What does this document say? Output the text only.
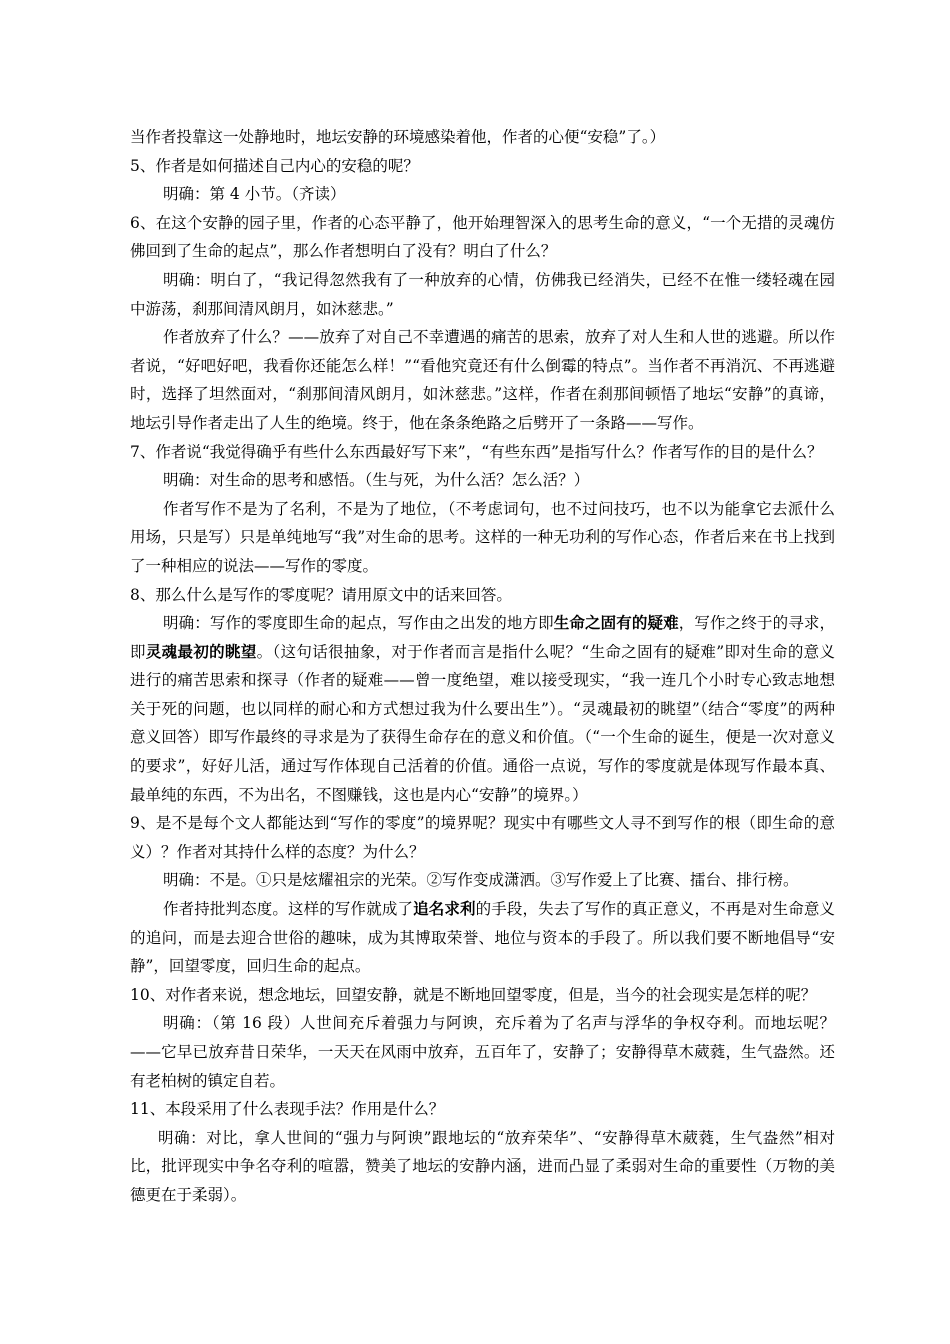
当作者投靠这一处静地时，地坛安静的环境感染着他，作者的心便“安稳”了。）

5、作者是如何描述自己内心的安稳的呢？

明确：第 4 小节。（齐读）

6、在这个安静的园子里，作者的心态平静了，他开始理智深入的思考生命的意义，“一个无措的灵魂仿佛回到了生命的起点”，那么作者想明白了没有？明白了什么？

明确：明白了，“我记得忽然我有了一种放弃的心情，仿佛我已经消失，已经不在惟一缕轻魂在园中游荡，刹那间清风朗月，如沐慈悲。”

作者放弃了什么？——放弃了对自己不幸遭遇的痛苦的思索，放弃了对人生和人世的逃避。所以作者说，“好吧好吧，我看你还能怎么样！”“看他究竟还有什么倒霉的特点”。当作者不再消沉、不再逃避时，选择了坦然面对，“刹那间清风朗月，如沐慈悲。”这样，作者在刹那间顿悟了地坛“安静”的真谛，地坛引导作者走出了人生的绝境。终于，他在条条绝路之后劈开了一条路——写作。

7、作者说“我觉得确乎有些什么东西最好写下来”，“有些东西”是指写什么？作者写作的目的是什么？

明确：对生命的思考和感悟。（生与死，为什么活？怎么活？）

作者写作不是为了名利，不是为了地位，（不考虑词句，也不过问技巧，也不以为能拿它去派什么用场，只是写）只是单纯地写“我”对生命的思考。这样的一种无功利的写作心态，作者后来在书上找到了一种相应的说法——写作的零度。

8、那么什么是写作的零度呢？请用原文中的话来回答。

明确：写作的零度即生命的起点，写作由之出发的地方即生命之固有的疑难，写作之终于的寻求，即灵魂最初的眺望。（这句话很抽象，对于作者而言是指什么呢？“生命之固有的疑难”即对生命的意义进行的痛苦思索和探寻（作者的疑难——曾一度绝望，难以接受现实，“我一连几个小时专心致志地想关于死的问题，也以同样的耐心和方式想过我为什么要出生”）。“灵魂最初的眺望”（结合“零度”的两种意义回答）即写作最终的寻求是为了获得生命存在的意义和价值。（“一个生命的诞生，便是一次对意义的要求”，好好儿活，通过写作体现自己活着的价值。通俗一点说，写作的零度就是体现写作最本真、最单纯的东西，不为出名，不图赚钱，这也是内心“安静”的境界。）

9、是不是每个文人都能达到“写作的零度”的境界呢？现实中有哪些文人寻不到写作的根（即生命的意义）？作者对其持什么样的态度？为什么？

明确：不是。①只是炫耀祖宗的光荣。②写作变成潇洒。③写作爱上了比赛、擂台、排行榜。

作者持批判态度。这样的写作就成了追名求利的手段，失去了写作的真正意义，不再是对生命意义的追问，而是去迎合世俗的趣味，成为其博取荣誉、地位与资本的手段了。所以我们要不断地倡导“安静”，回望零度，回归生命的起点。

10、对作者来说，想念地坛，回望安静，就是不断地回望零度，但是，当今的社会现实是怎样的呢？

明确：（第 16 段）人世间充斥着强力与阿谀，充斥着为了名声与浮华的争权夺利。而地坛呢？——它早已放弃昔日荣华，一天天在风雨中放弃，五百年了，安静了；安静得草木葳蕤，生气盎然。还有老柏树的镇定自若。

11、本段采用了什么表现手法？作用是什么？

明确：对比，拿人世间的“强力与阿谀”跟地坛的“放弃荣华”、“安静得草木葳蕤，生气盎然”相对比，批评现实中争名夺利的喧嚣，赞美了地坛的安静内涵，进而凸显了柔弱对生命的重要性（万物的美德更在于柔弱）。
